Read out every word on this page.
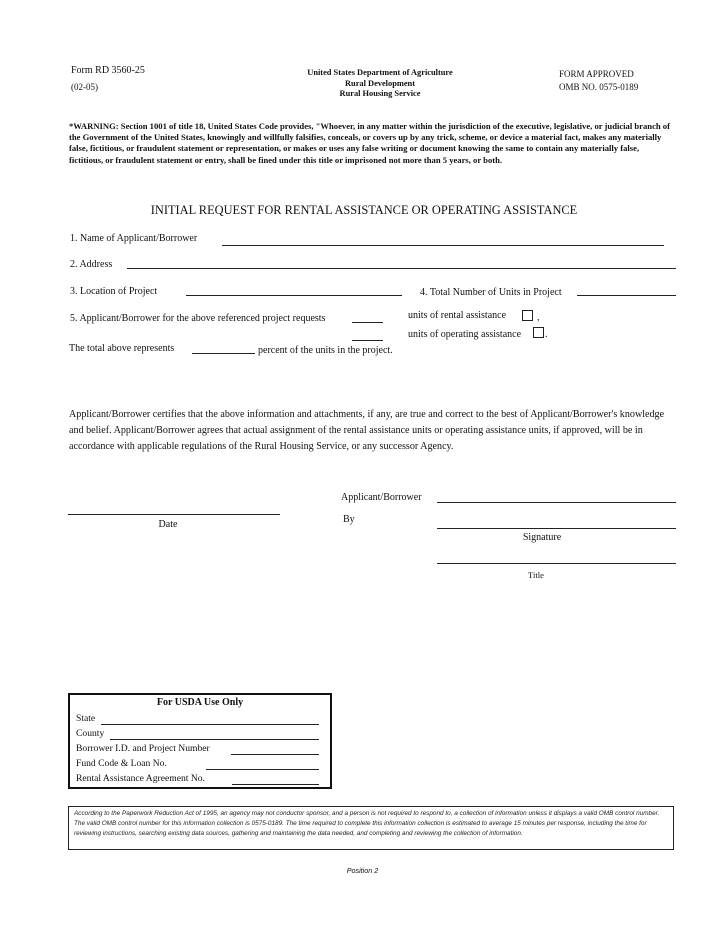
Form RD 3560-25
(02-05)
United States Department of Agriculture
Rural Development
Rural Housing Service
FORM APPROVED
OMB NO. 0575-0189
*WARNING: Section 1001 of title 18, United States Code provides, "Whoever, in any matter within the jurisdiction of the executive, legislative, or judicial branch of the Government of the United States, knowingly and willfully falsifies, conceals, or covers up by any trick, scheme, or device a material fact, makes any materially false, fictitious, or fraudulent statement or representation, or makes or uses any false writing or document knowing the same to contain any materially false, fictitious, or fraudulent statement or entry, shall be fined under this title or imprisoned not more than 5 years, or both.
INITIAL REQUEST FOR RENTAL ASSISTANCE OR OPERATING ASSISTANCE
1. Name of Applicant/Borrower
2. Address
3. Location of Project	4. Total Number of Units in Project
5. Applicant/Borrower for the above referenced project requests	units of rental assistance	,
units of operating assistance .
The total above represents	percent of the units in the project.
Applicant/Borrower certifies that the above information and attachments, if any, are true and correct to the best of Applicant/Borrower's knowledge and belief. Applicant/Borrower agrees that actual assignment of the rental assistance units or operating assistance units, if approved, will be in accordance with applicable regulations of the Rural Housing Service, or any successor Agency.
Applicant/Borrower
Date	By
Signature
Title
For USDA Use Only
State
County
Borrower I.D. and Project Number
Fund Code & Loan No.
Rental Assistance Agreement No.
According to the Paperwork Reduction Act of 1995, an agency may not conductor sponsor, and a person is not required to respond to, a collection of information unless it displays a valid OMB control number. The valid OMB control number for this information collection is 0575-0189. The time required to complete this information collection is estimated to average 15 minutes per response, including the time for reviewing instructions, searching existing data sources, gathering and maintaining the data needed, and completing and reviewing the collection of information.
Position 2
